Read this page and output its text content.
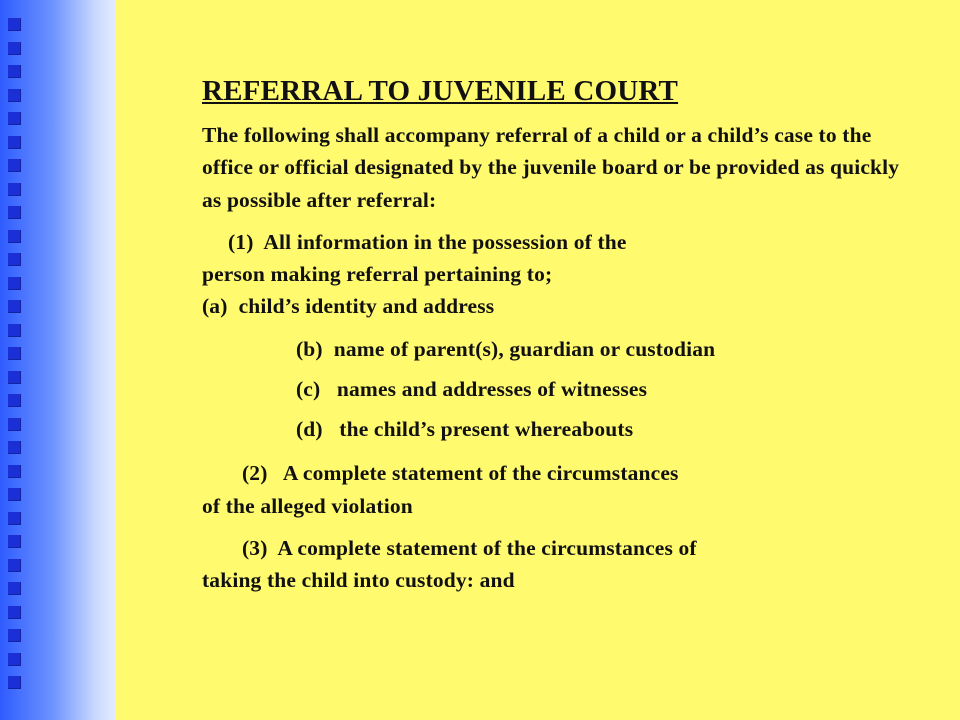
REFERRAL TO JUVENILE COURT
The following shall accompany referral of a child or a child’s case to the office or official designated by the juvenile board or be provided as quickly as possible after referral:
(1)  All information in the possession of the
person making referral pertaining to;
(a)  child’s identity and address
(b)  name of parent(s), guardian or custodian
(c)   names and addresses of witnesses
(d)   the child’s present whereabouts
(2)   A complete statement of the circumstances
of the alleged violation
(3)  A complete statement of the circumstances of
taking the child into custody: and
